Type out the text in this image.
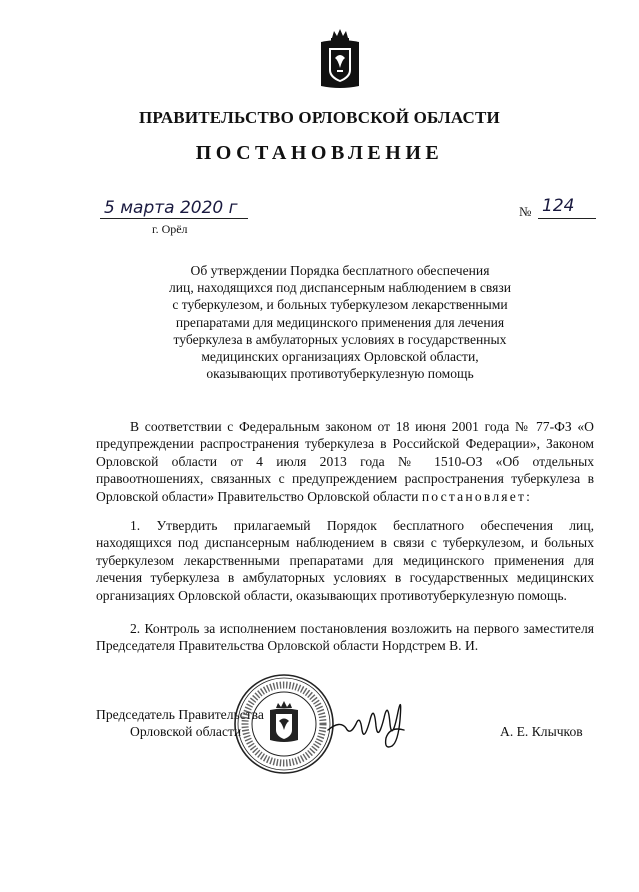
ПРАВИТЕЛЬСТВО ОРЛОВСКОЙ ОБЛАСТИ
ПОСТАНОВЛЕНИЕ
5 марта 2020 г
г. Орёл
№ 124
Об утверждении Порядка бесплатного обеспечения
лиц, находящихся под диспансерным наблюдением в связи
с туберкулезом, и больных туберкулезом лекарственными
препаратами для медицинского применения для лечения
туберкулеза в амбулаторных условиях в государственных
медицинских организациях Орловской области,
оказывающих противотуберкулезную помощь
В соответствии с Федеральным законом от 18 июня 2001 года № 77-ФЗ «О предупреждении распространения туберкулеза в Российской Федерации», Законом Орловской области от 4 июля 2013 года № 1510-ОЗ «Об отдельных правоотношениях, связанных с предупреждением распространения туберкулеза в Орловской области» Правительство Орловской области постановляет:
1. Утвердить прилагаемый Порядок бесплатного обеспечения лиц, находящихся под диспансерным наблюдением в связи с туберкулезом, и больных туберкулезом лекарственными препаратами для медицинского применения для лечения туберкулеза в амбулаторных условиях в государственных медицинских организациях Орловской области, оказывающих противотуберкулезную помощь.
2. Контроль за исполнением постановления возложить на первого заместителя Председателя Правительства Орловской области Нордстрем В. И.
Председатель Правительства
Орловской области	А. Е. Клычков
